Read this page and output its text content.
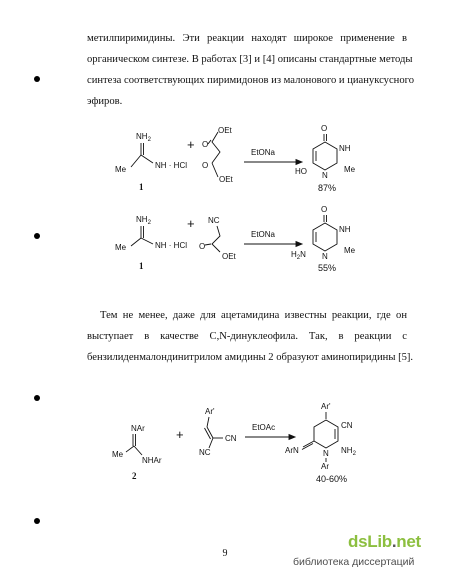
метилпиримидины. Эти реакции находят широкое применение в
органическом синтезе. В работах [3] и [4] описаны стандартные методы
синтеза соответствующих пиримидонов из малонового и циануксусного
эфиров.
$NH_2$
Me	NH · HCl
1
+
OEt
O
O
OEt
EtONa
O
NH
N
HO	Me
87%
$NH_2$
Me	NH · HCl
1
+ NC
O
OEt
EtONa
O
NH
N
$H_2N$	Me
55%
Тем не менее, даже для ацетамидина известны реакции, где он
выступает в качестве C,N-динуклеофила. Так, в реакции с
бензилиденмалондинитрилом амидины 2 образуют аминопиридины [5].
NAr
Me
NHAr
2
+
Ar'
CN
NC
EtOAc
Ar'
CN
$NH_2$
ArN	N
Ar
40-60%
9
dsLib.net
библиотека диссертаций
